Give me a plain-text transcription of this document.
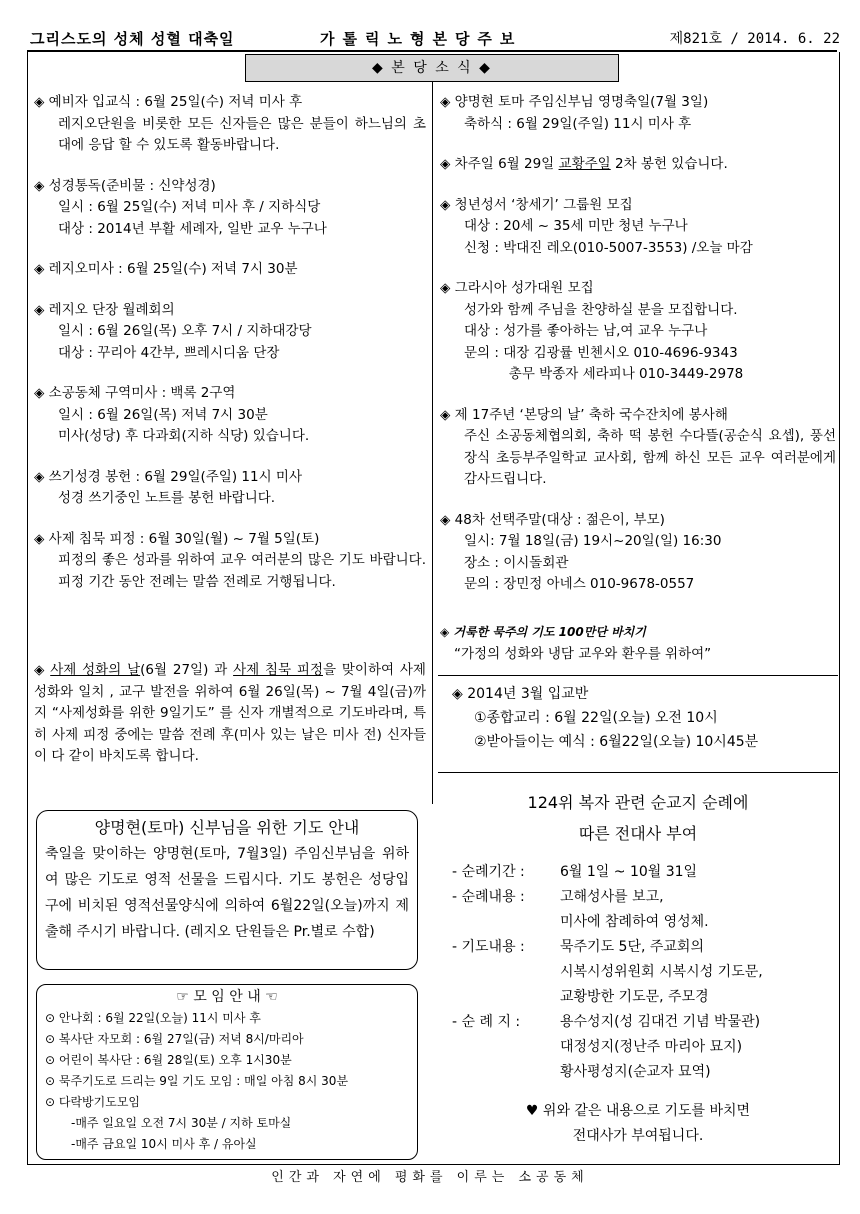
그리스도의 성체 성혈 대축일	가톨릭노형본당주보	제821호 / 2014. 6. 22
◆ 본 당 소 식 ◆

◈ 예비자 입교식 : 6월 25일(수) 저녁 미사 후

레지오단원을 비롯한 모든 신자들은 많은 분들이 하느님의 초대에 응답 할 수 있도록 활동바랍니다.

◈ 성경통독(준비물 : 신약성경)

일시 : 6월 25일(수) 저녁 미사 후 / 지하식당

대상 : 2014년 부활 세례자, 일반 교우 누구나

◈ 레지오미사 : 6월 25일(수) 저녁 7시 30분

◈ 레지오 단장 월례회의

일시 : 6월 26일(목) 오후 7시 / 지하대강당

대상 : 꾸리아 4간부, 쁘레시디움 단장

◈ 소공동체 구역미사 : 백록 2구역

일시 : 6월 26일(목) 저녁 7시 30분

미사(성당) 후 다과회(지하 식당) 있습니다.

◈ 쓰기성경 봉헌 : 6월 29일(주일) 11시 미사

성경 쓰기중인 노트를 봉헌 바랍니다.

◈ 사제 침묵 피정 : 6월 30일(월) ~ 7월 5일(토)

피정의 좋은 성과를 위하여 교우 여러분의 많은 기도 바랍니다. 피정 기간 동안 전례는 말씀 전례로 거행됩니다.

◈ 사제 성화의 날(6월 27일) 과 사제 침묵 피정을 맞이하여 사제 성화와 일치 , 교구 발전을 위하여 6월 26일(목) ~ 7월 4일(금)까지 “사제성화를 위한 9일기도” 를 신자 개별적으로 기도바라며, 특히 사제 피정 중에는 말씀 전례 후(미사 있는 날은 미사 전) 신자들이 다 같이 바치도록 합니다.

양명현(토마) 신부님을 위한 기도 안내
축일을 맞이하는 양명현(토마, 7월3일) 주임신부님을 위하여 많은 기도로 영적 선물을 드립시다. 기도 봉헌은 성당입구에 비치된 영적선물양식에 의하여 6월22일(오늘)까지 제출해 주시기 바랍니다. (레지오 단원들은 Pr.별로 수합)
☞ 모 임 안 내 ☜
⊙ 안나회 : 6월 22일(오늘) 11시 미사 후
⊙ 복사단 자모회 : 6월 27일(금) 저녁 8시/마리아
⊙ 어린이 복사단 : 6월 28일(토) 오후 1시30분
⊙ 묵주기도로 드리는 9일 기도 모임 : 매일 아침 8시 30분
⊙ 다락방기도모임
-매주 일요일 오전 7시 30분 / 지하 토마실
-매주 금요일 10시 미사 후 / 유아실

◈ 양명현 토마 주임신부님 영명축일(7월 3일)

축하식 : 6월 29일(주일) 11시 미사 후

◈ 차주일 6월 29일 교황주일 2차 봉헌 있습니다.

◈ 청년성서 ‘창세기’ 그룹원 모집

대상 : 20세 ~ 35세 미만 청년 누구나

신청 : 박대진 레오(010-5007-3553) /오늘 마감

◈ 그라시아 성가대원 모집

성가와 함께 주님을 찬양하실 분을 모집합니다.

대상 : 성가를 좋아하는 남,여 교우 누구나

문의 : 대장 김광률 빈첸시오 010-4696-9343

　　　 총무 박종자 세라피나 010-3449-2978

◈ 제 17주년 ‘본당의 날’ 축하 국수잔치에 봉사해

주신 소공동체협의회, 축하 떡 봉헌 수다뜰(공순식 요셉), 풍선장식 초등부주일학교 교사회, 함께 하신 모든 교우 여러분에게 감사드립니다.

◈ 48차 선택주말(대상 : 젊은이, 부모)

일시: 7월 18일(금) 19시~20일(일) 16:30

장소 : 이시돌회관

문의 : 장민정 아네스 010-9678-0557

◈ 거룩한 묵주의 기도 100만단 바치기

“가정의 성화와 냉담 교우와 환우를 위하여”

◈ 2014년 3월 입교반
①종합교리 : 6월 22일(오늘) 오전 10시
②받아들이는 예식 : 6월22일(오늘) 10시45분
124위 복자 관련 순교지 순례에
따른 전대사 부여
- 순례기간 :	6월 1일 ~ 10월 31일
- 순례내용 :	고해성사를 보고,
미사에 참례하여 영성체.
- 기도내용 :	묵주기도 5단, 주교회의
시복시성위원회 시복시성 기도문,
교황방한 기도문, 주모경
- 순 례 지 :	용수성지(성 김대건 기념 박물관)
대정성지(정난주 마리아 묘지)
황사평성지(순교자 묘역)
♥ 위와 같은 내용으로 기도를 바치면
전대사가 부여됩니다.
인간과 자연에 평화를 이루는 소공동체
